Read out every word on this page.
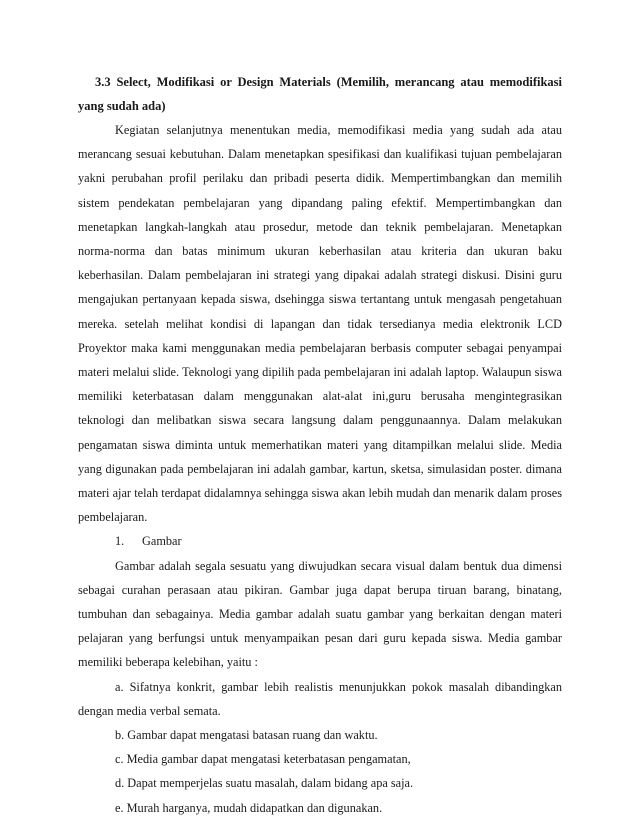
3.3 Select, Modifikasi or Design Materials (Memilih, merancang atau memodifikasi yang sudah ada)

Kegiatan selanjutnya menentukan media, memodifikasi media yang sudah ada atau merancang sesuai kebutuhan. Dalam menetapkan spesifikasi dan kualifikasi tujuan pembelajaran yakni perubahan profil perilaku dan pribadi peserta didik. Mempertimbangkan dan memilih sistem pendekatan pembelajaran yang dipandang paling efektif. Mempertimbangkan dan menetapkan langkah-langkah atau prosedur, metode dan teknik pembelajaran. Menetapkan norma-norma dan batas minimum ukuran keberhasilan atau kriteria dan ukuran baku keberhasilan. Dalam pembelajaran ini strategi yang dipakai adalah strategi diskusi. Disini guru mengajukan pertanyaan kepada siswa, dsehingga siswa tertantang untuk mengasah pengetahuan mereka. setelah melihat kondisi di lapangan dan tidak tersedianya media elektronik LCD Proyektor maka kami menggunakan media pembelajaran berbasis computer sebagai penyampai materi melalui slide. Teknologi yang dipilih pada pembelajaran ini adalah laptop. Walaupun siswa memiliki keterbatasan dalam menggunakan alat-alat ini,guru berusaha mengintegrasikan teknologi dan melibatkan siswa secara langsung dalam penggunaannya. Dalam melakukan pengamatan siswa diminta untuk memerhatikan materi yang ditampilkan melalui slide. Media yang digunakan pada pembelajaran ini adalah gambar, kartun, sketsa, simulasidan poster. dimana materi ajar telah terdapat didalamnya sehingga siswa akan lebih mudah dan menarik dalam proses pembelajaran.

1.	Gambar

Gambar adalah segala sesuatu yang diwujudkan secara visual dalam bentuk dua dimensi sebagai curahan perasaan atau pikiran. Gambar juga dapat berupa tiruan barang, binatang, tumbuhan dan sebagainya. Media gambar adalah suatu gambar yang berkaitan dengan materi pelajaran yang berfungsi untuk menyampaikan pesan dari guru kepada siswa. Media gambar memiliki beberapa kelebihan, yaitu :

a. Sifatnya konkrit, gambar lebih realistis menunjukkan pokok masalah dibandingkan dengan media verbal semata.

b. Gambar dapat mengatasi batasan ruang dan waktu.

c. Media gambar dapat mengatasi keterbatasan pengamatan,

d. Dapat memperjelas suatu masalah, dalam bidang apa saja.

e. Murah harganya, mudah didapatkan dan digunakan.
